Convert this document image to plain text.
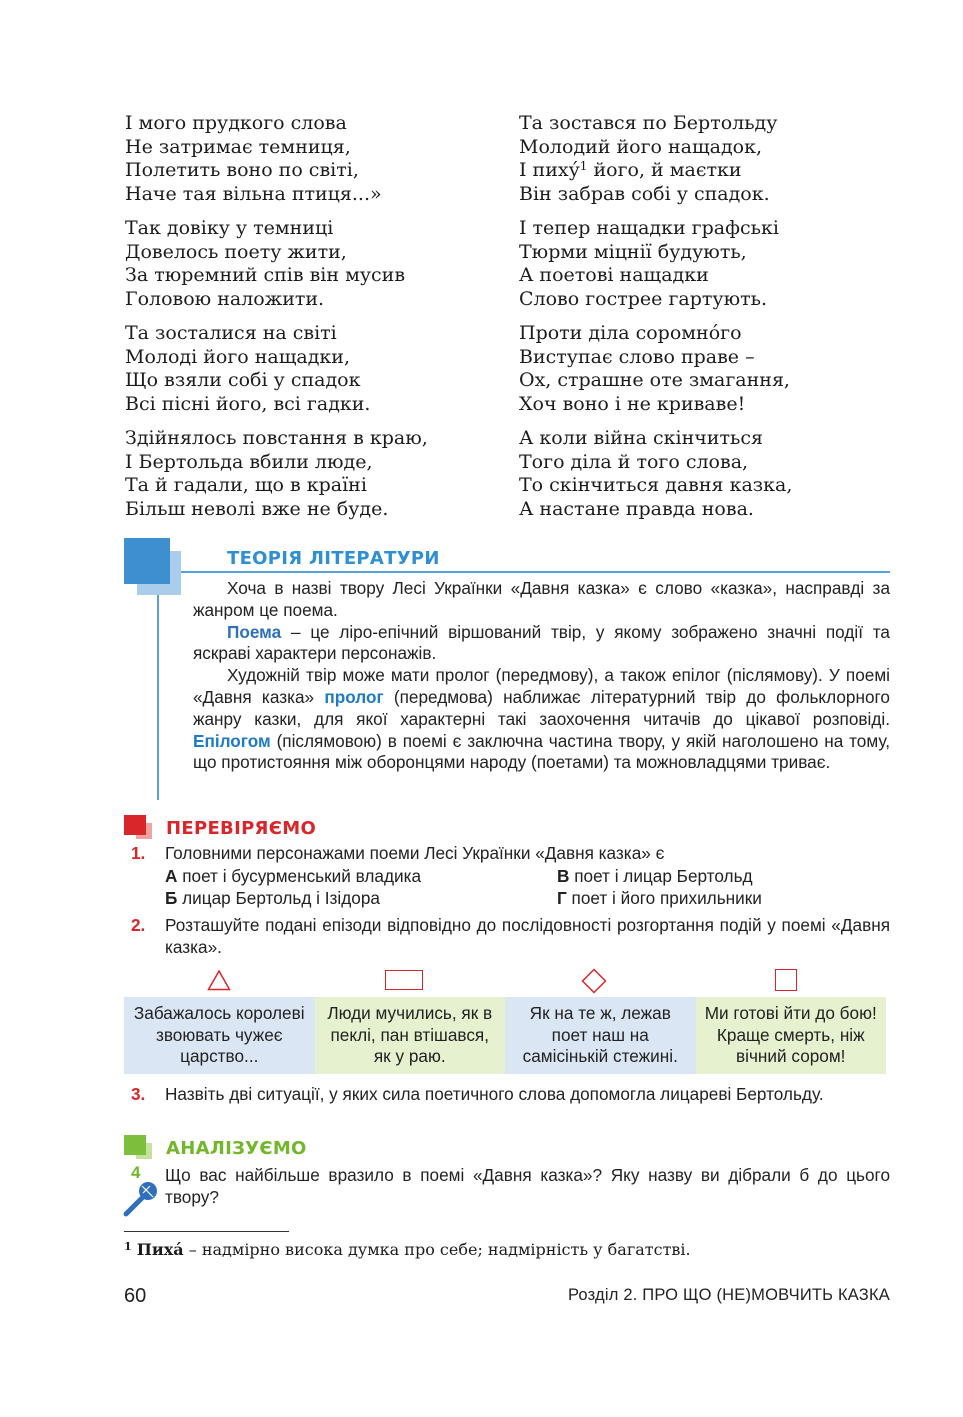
І мого прудкого слова
Не затримає темниця,
Полетить воно по світі,
Наче тая вільна птиця...»
Так довіку у темниці
Довелось поету жити,
За тюремний спів він мусив
Головою наложити.
Та зосталися на світі
Молоді його нащадки,
Що взяли собі у спадок
Всі пісні його, всі гадки.
Здійнялось повстання в краю,
І Бертольда вбили люде,
Та й гадали, що в країні
Більш неволі вже не буде.
Та зостався по Бертольду
Молодий його нащадок,
І пиху́$^1$ його, й маєтки
Він забрав собі у спадок.
І тепер нащадки графські
Тюрми міцнії будують,
А поетові нащадки
Слово гострее гартують.
Проти діла соромно́го
Виступає слово праве –
Ох, страшне оте змагання,
Хоч воно і не криваве!
А коли війна скінчиться
Того діла й того слова,
То скінчиться давня казка,
А настане правда нова.
ТЕОРІЯ ЛІТЕРАТУРИ

Хоча в назві твору Лесі Українки «Давня казка» є слово «казка», насправді за жанром це поема.

Поема – це ліро-епічний віршований твір, у якому зображено значні події та яскраві характери персонажів.

Художній твір може мати пролог (передмову), а також епілог (післямову). У поемі «Давня казка» пролог (передмова) наближає літературний твір до фольклорного жанру казки, для якої характерні такі заохочення читачів до цікавої розповіді. Епілогом (післямовою) в поемі є заключна частина твору, у якій наголошено на тому, що протистояння між оборонцями народу (поетами) та можновладцями триває.

ПЕРЕВІРЯЄМО
1. Головними персонажами поеми Лесі Українки «Давня казка» є
А поет і бусурменський владика	В поет і лицар Бертольд
Б лицар Бертольд і Ізідора	Г поет і його прихильники
2. Розташуйте подані епізоди відповідно до послідовності розгортання подій у поемі «Давня казка».
Забажалось королеві звоювать чужеє царство...
Люди мучились, як в пеклі, пан втішався, як у раю.
Як на те ж, лежав поет наш на самісінькій стежині.
Ми готові йти до бою! Краще смерть, ніж вічний сором!
3. Назвіть дві ситуації, у яких сила поетичного слова допомогла лицареві Бертольду.
АНАЛІЗУЄМО
4 Що вас найбільше вразило в поемі «Давня казка»? Яку назву ви дібрали б до цього твору?
$^1$ Пиха́ – надмірно висока думка про себе; надмірність у багатстві.
60	Розділ 2. ПРО ЩО (НЕ)МОВЧИТЬ КАЗКА
